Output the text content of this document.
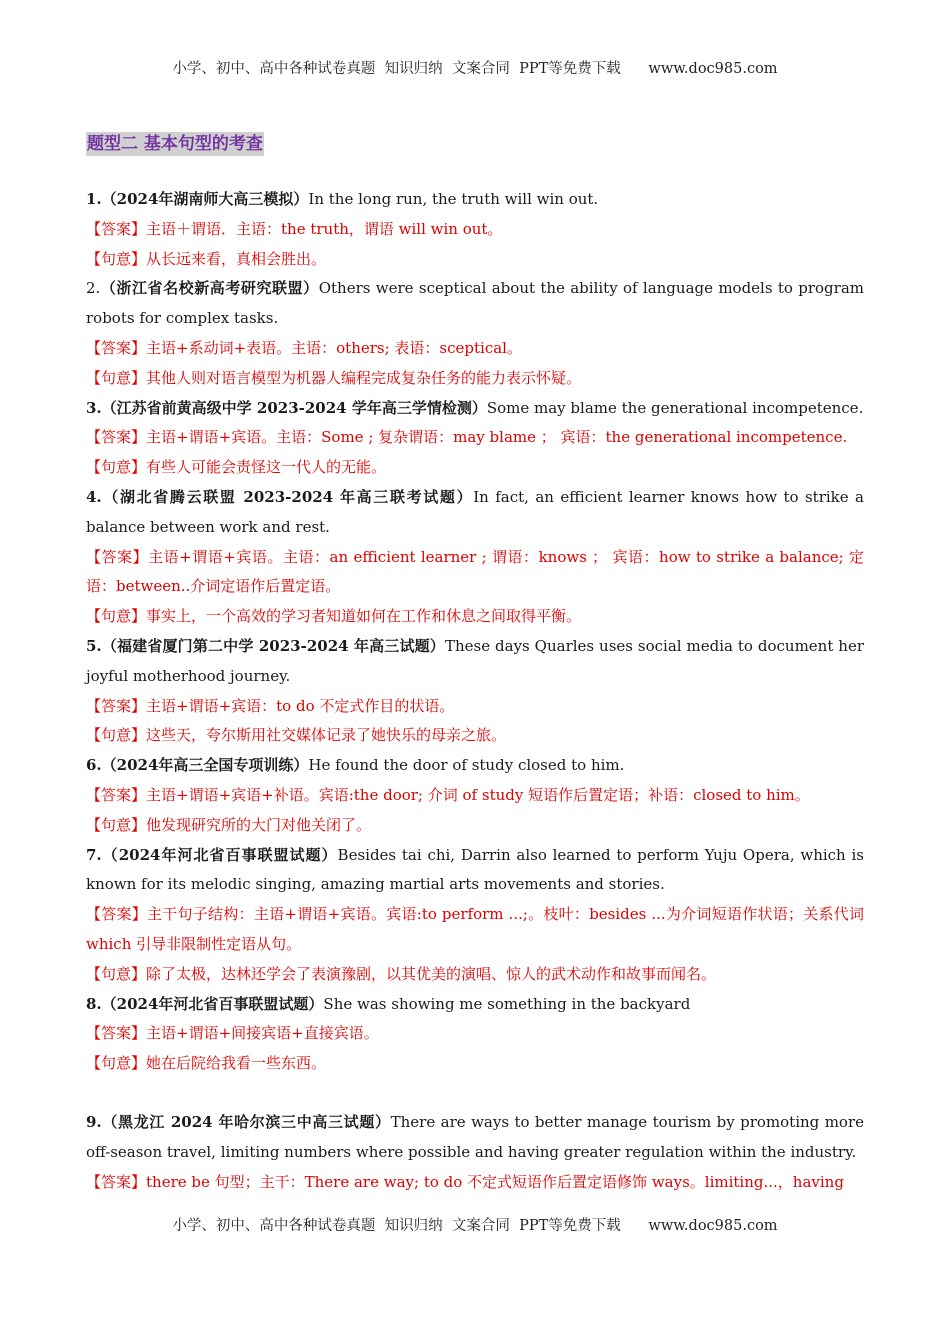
小学、初中、高中各种试卷真题  知识归纳  文案合同  PPT等免费下载      www.doc985.com
题型二 基本句型的考查
1.（2024年湖南师大高三模拟）In the long run, the truth will win out.
【答案】主语＋谓语．主语：the truth，谓语 will win out。
【句意】从长远来看，真相会胜出。
2.（浙江省名校新高考研究联盟）Others were sceptical about the ability of language models to program robots for complex tasks.
【答案】主语+系动词+表语。主语：others; 表语：sceptical。
【句意】其他人则对语言模型为机器人编程完成复杂任务的能力表示怀疑。
3.（江苏省前黄高级中学 2023-2024 学年高三学情检测）Some may blame the generational incompetence.
【答案】主语+谓语+宾语。主语：Some ; 复杂谓语：may blame ； 宾语：the generational incompetence.
【句意】有些人可能会责怪这一代人的无能。
4.（湖北省腾云联盟 2023-2024 年高三联考试题）In fact, an efficient learner knows how to strike a balance between work and rest.
【答案】主语+谓语+宾语。主语：an efficient learner ; 谓语：knows ； 宾语：how to strike a balance; 定语：between..介词定语作后置定语。
【句意】事实上，一个高效的学习者知道如何在工作和休息之间取得平衡。
5.（福建省厦门第二中学 2023-2024 年高三试题）These days Quarles uses social media to document her joyful motherhood journey.
【答案】主语+谓语+宾语：to do 不定式作目的状语。
【句意】这些天，夸尔斯用社交媒体记录了她快乐的母亲之旅。
6.（2024年高三全国专项训练）He found the door of study closed to him.
【答案】主语+谓语+宾语+补语。宾语:the door; 介词 of study 短语作后置定语；补语：closed to him。
【句意】他发现研究所的大门对他关闭了。
7.（2024年河北省百事联盟试题）Besides tai chi, Darrin also learned to perform Yuju Opera, which is known for its melodic singing, amazing martial arts movements and stories.
【答案】主干句子结构：主语+谓语+宾语。宾语:to perform ...;。枝叶：besides ...为介词短语作状语；关系代词 which 引导非限制性定语从句。
【句意】除了太极，达林还学会了表演豫剧，以其优美的演唱、惊人的武术动作和故事而闻名。
8.（2024年河北省百事联盟试题）She was showing me something in the backyard
【答案】主语+谓语+间接宾语+直接宾语。
【句意】她在后院给我看一些东西。
9.（黑龙江 2024 年哈尔滨三中高三试题）There are ways to better manage tourism by promoting more off-season travel, limiting numbers where possible and having greater regulation within the industry.
【答案】there be 句型；主干：There are way; to do 不定式短语作后置定语修饰 ways。limiting...，having
小学、初中、高中各种试卷真题  知识归纳  文案合同  PPT等免费下载      www.doc985.com
